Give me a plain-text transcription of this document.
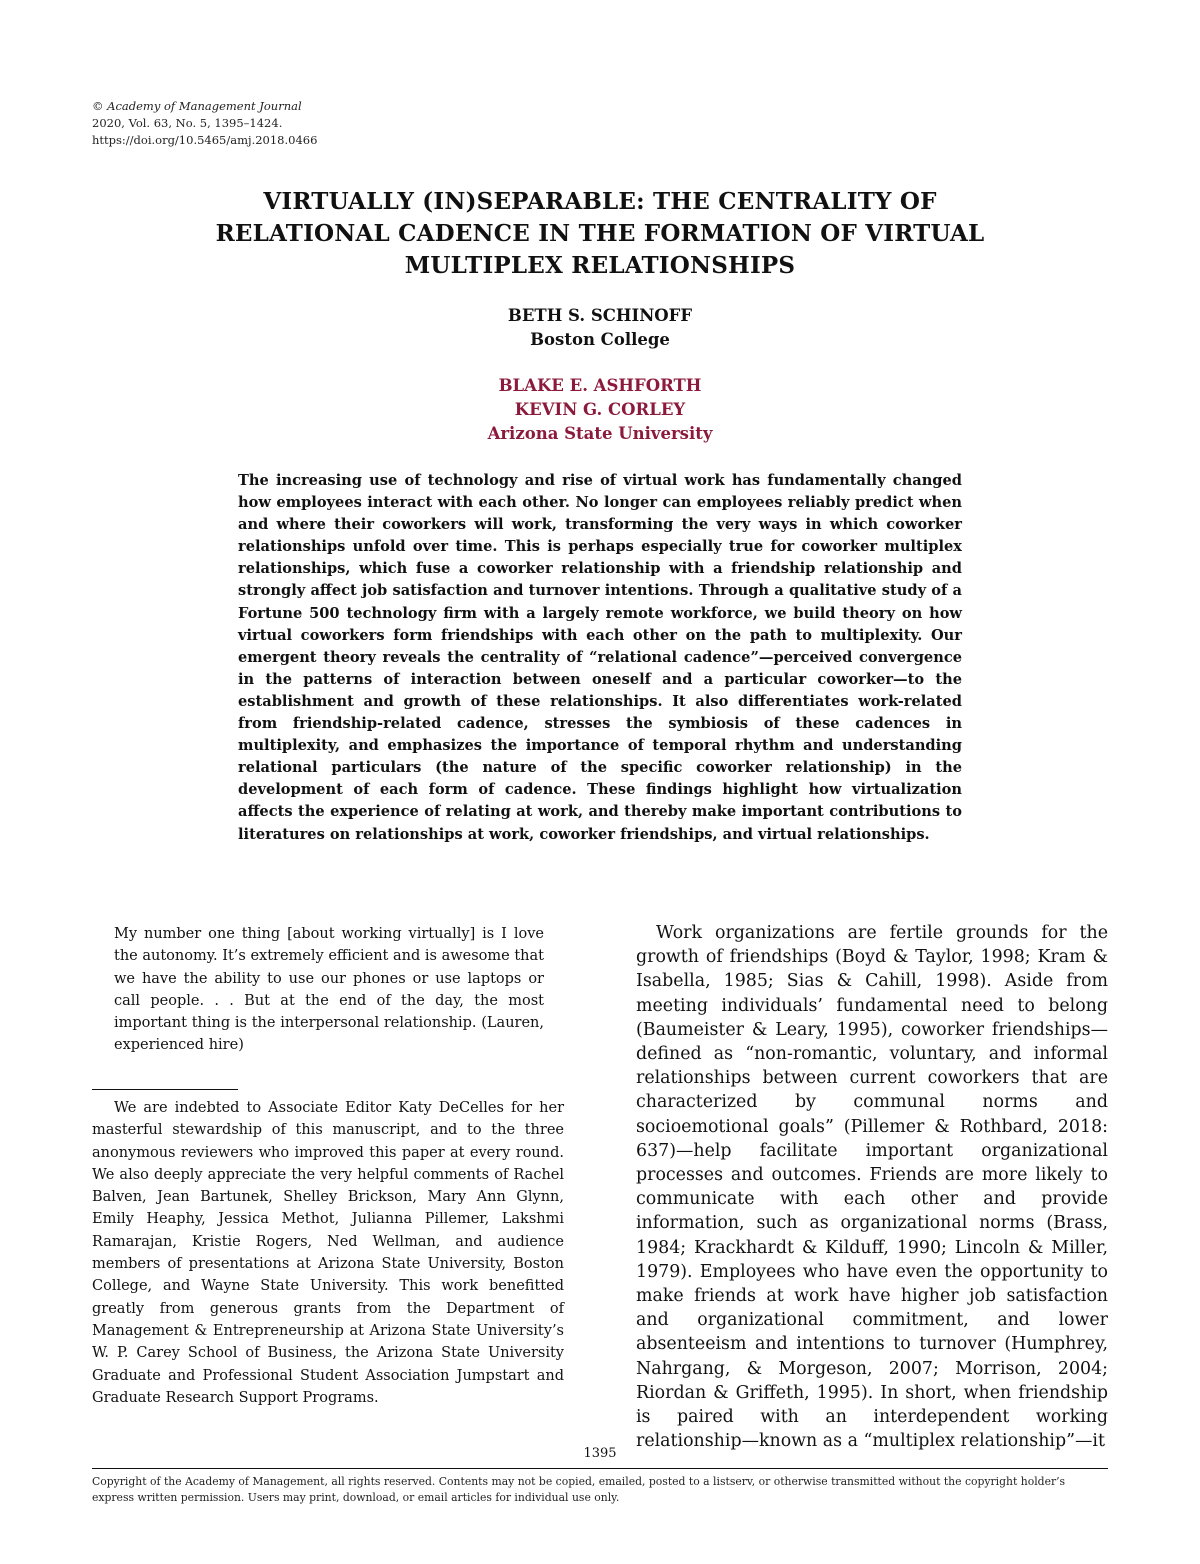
© Academy of Management Journal
2020, Vol. 63, No. 5, 1395–1424.
https://doi.org/10.5465/amj.2018.0466
VIRTUALLY (IN)SEPARABLE: THE CENTRALITY OF
RELATIONAL CADENCE IN THE FORMATION OF VIRTUAL
MULTIPLEX RELATIONSHIPS
BETH S. SCHINOFF
Boston College
BLAKE E. ASHFORTH
KEVIN G. CORLEY
Arizona State University
The increasing use of technology and rise of virtual work has fundamentally changed how employees interact with each other. No longer can employees reliably predict when and where their coworkers will work, transforming the very ways in which coworker relationships unfold over time. This is perhaps especially true for coworker multiplex relationships, which fuse a coworker relationship with a friendship relationship and strongly affect job satisfaction and turnover intentions. Through a qualitative study of a Fortune 500 technology firm with a largely remote workforce, we build theory on how virtual coworkers form friendships with each other on the path to multiplexity. Our emergent theory reveals the centrality of “relational cadence”—perceived convergence in the patterns of interaction between oneself and a particular coworker—to the establishment and growth of these relationships. It also differentiates work-related from friendship-related cadence, stresses the symbiosis of these cadences in multiplexity, and emphasizes the importance of temporal rhythm and understanding relational particulars (the nature of the specific coworker relationship) in the development of each form of cadence. These findings highlight how virtualization affects the experience of relating at work, and thereby make important contributions to literatures on relationships at work, coworker friendships, and virtual relationships.
My number one thing [about working virtually] is I love the autonomy. It’s extremely efficient and is awesome that we have the ability to use our phones or use laptops or call people. . . But at the end of the day, the most important thing is the interpersonal relationship. (Lauren, experienced hire)
We are indebted to Associate Editor Katy DeCelles for her masterful stewardship of this manuscript, and to the three anonymous reviewers who improved this paper at every round. We also deeply appreciate the very helpful comments of Rachel Balven, Jean Bartunek, Shelley Brickson, Mary Ann Glynn, Emily Heaphy, Jessica Methot, Julianna Pillemer, Lakshmi Ramarajan, Kristie Rogers, Ned Wellman, and audience members of presentations at Arizona State University, Boston College, and Wayne State University. This work benefitted greatly from generous grants from the Department of Management & Entrepreneurship at Arizona State University’s W. P. Carey School of Business, the Arizona State University Graduate and Professional Student Association Jumpstart and Graduate Research Support Programs.
Work organizations are fertile grounds for the growth of friendships (Boyd & Taylor, 1998; Kram & Isabella, 1985; Sias & Cahill, 1998). Aside from meeting individuals’ fundamental need to belong (Baumeister & Leary, 1995), coworker friendships—defined as “non-romantic, voluntary, and informal relationships between current coworkers that are characterized by communal norms and socioemotional goals” (Pillemer & Rothbard, 2018: 637)—help facilitate important organizational processes and outcomes. Friends are more likely to communicate with each other and provide information, such as organizational norms (Brass, 1984; Krackhardt & Kilduff, 1990; Lincoln & Miller, 1979). Employees who have even the opportunity to make friends at work have higher job satisfaction and organizational commitment, and lower absenteeism and intentions to turnover (Humphrey, Nahrgang, & Morgeson, 2007; Morrison, 2004; Riordan & Griffeth, 1995). In short, when friendship is paired with an interdependent working relationship—known as a “multiplex relationship”—it
1395
Copyright of the Academy of Management, all rights reserved. Contents may not be copied, emailed, posted to a listserv, or otherwise transmitted without the copyright holder’s express written permission. Users may print, download, or email articles for individual use only.
